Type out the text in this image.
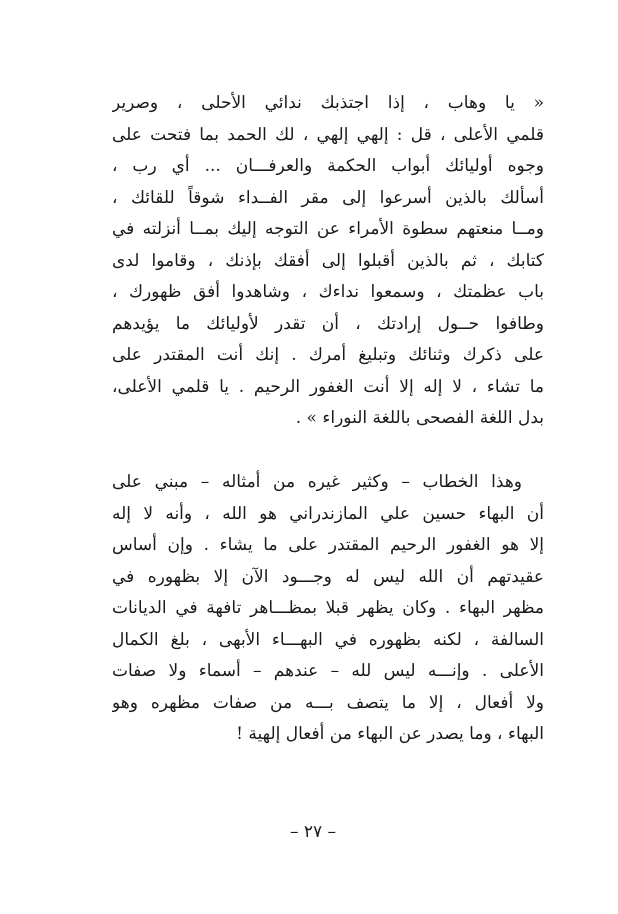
« يا وهاب ، إذا اجتذبك ندائي الأحلى ، وصرير
قلمي الأعلى ، قل : إلهي إلهي ، لك الحمد بما فتحت على
وجوه أوليائك أبواب الحكمة والعرفـــان ... أي رب ،
أسألك بالذين أسرعوا إلى مقر الفــداء شوقاً للقائك ،
ومــا منعتهم سطوة الأمراء عن التوجه إليك بمــا أنزلته في
كتابك ، ثم بالذين أقبلوا إلى أفقك بإذنك ، وقاموا لدى
باب عظمتك ، وسمعوا نداءك ، وشاهدوا أفق ظهورك ،
وطافوا حــول إرادتك ، أن تقدر لأوليائك ما يؤيدهم
على ذكرك وثنائك وتبليغ أمرك . إنك أنت المقتدر على
ما تشاء ، لا إله إلا أنت الغفور الرحيم . يا قلمي الأعلى،
بدل اللغة الفصحى باللغة النوراء » .
وهذا الخطاب – وكثير غيره من أمثاله – مبني على
أن البهاء حسين علي المازندراني هو الله ، وأنه لا إله
إلا هو الغفور الرحيم المقتدر على ما يشاء . وإن أساس
عقيدتهم أن الله ليس له وجـــود الآن إلا بظهوره في
مظهر البهاء . وكان يظهر قبلا بمظـــاهر تافهة في الديانات
السالفة ، لكنه بظهوره في البهـــاء الأبهى ، بلغ الكمال
الأعلى . وإنـــه ليس لله – عندهم – أسماء ولا صفات
ولا أفعال ، إلا ما يتصف بـــه من صفات مظهره وهو
البهاء ، وما يصدر عن البهاء من أفعال إلهية !
– ٢٧ –
